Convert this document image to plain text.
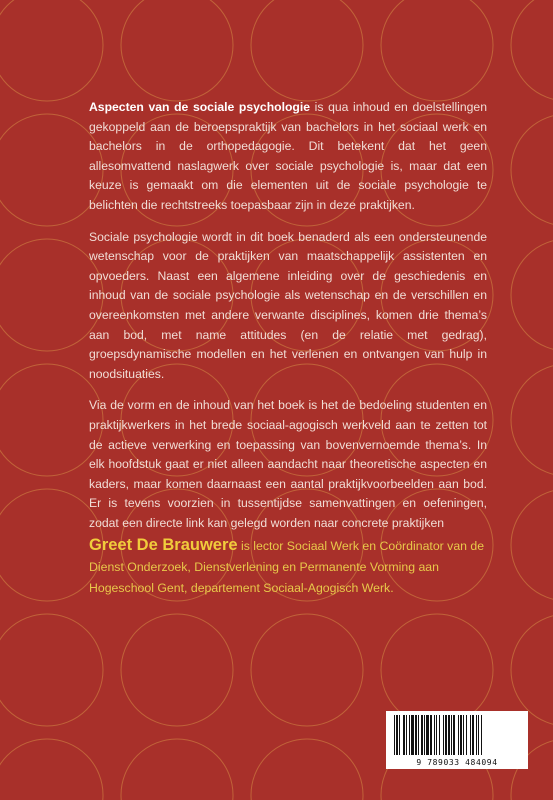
Aspecten van de sociale psychologie is qua inhoud en doelstellingen gekoppeld aan de beroepspraktijk van bachelors in het sociaal werk en bachelors in de orthopedagogie. Dit betekent dat het geen allesomvattend naslagwerk over sociale psychologie is, maar dat een keuze is gemaakt om die elementen uit de sociale psychologie te belichten die rechtstreeks toepasbaar zijn in deze praktijken.

Sociale psychologie wordt in dit boek benaderd als een ondersteunende wetenschap voor de praktijken van maatschappelijk assistenten en opvoeders. Naast een algemene inleiding over de geschiedenis en inhoud van de sociale psychologie als wetenschap en de verschillen en overeenkomsten met andere verwante disciplines, komen drie thema’s aan bod, met name attitudes (en de relatie met gedrag), groepsdynamische modellen en het verlenen en ontvangen van hulp in noodsituaties.

Via de vorm en de inhoud van het boek is het de bedoeling studenten en praktijkwerkers in het brede sociaal-agogisch werkveld aan te zetten tot de actieve verwerking en toepassing van bovenvernoemde thema’s. In elk hoofdstuk gaat er niet alleen aandacht naar theoretische aspecten en kaders, maar komen daarnaast een aantal praktijkvoorbeelden aan bod. Er is tevens voorzien in tussentijdse samenvattingen en oefeningen, zodat een directe link kan gelegd worden naar concrete praktijken

Greet De Brauwere is lector Sociaal Werk en Coördinator van de Dienst Onderzoek, Dienstverlening en Permanente Vorming aan Hogeschool Gent, departement Sociaal-Agogisch Werk.
9 789033 484094
